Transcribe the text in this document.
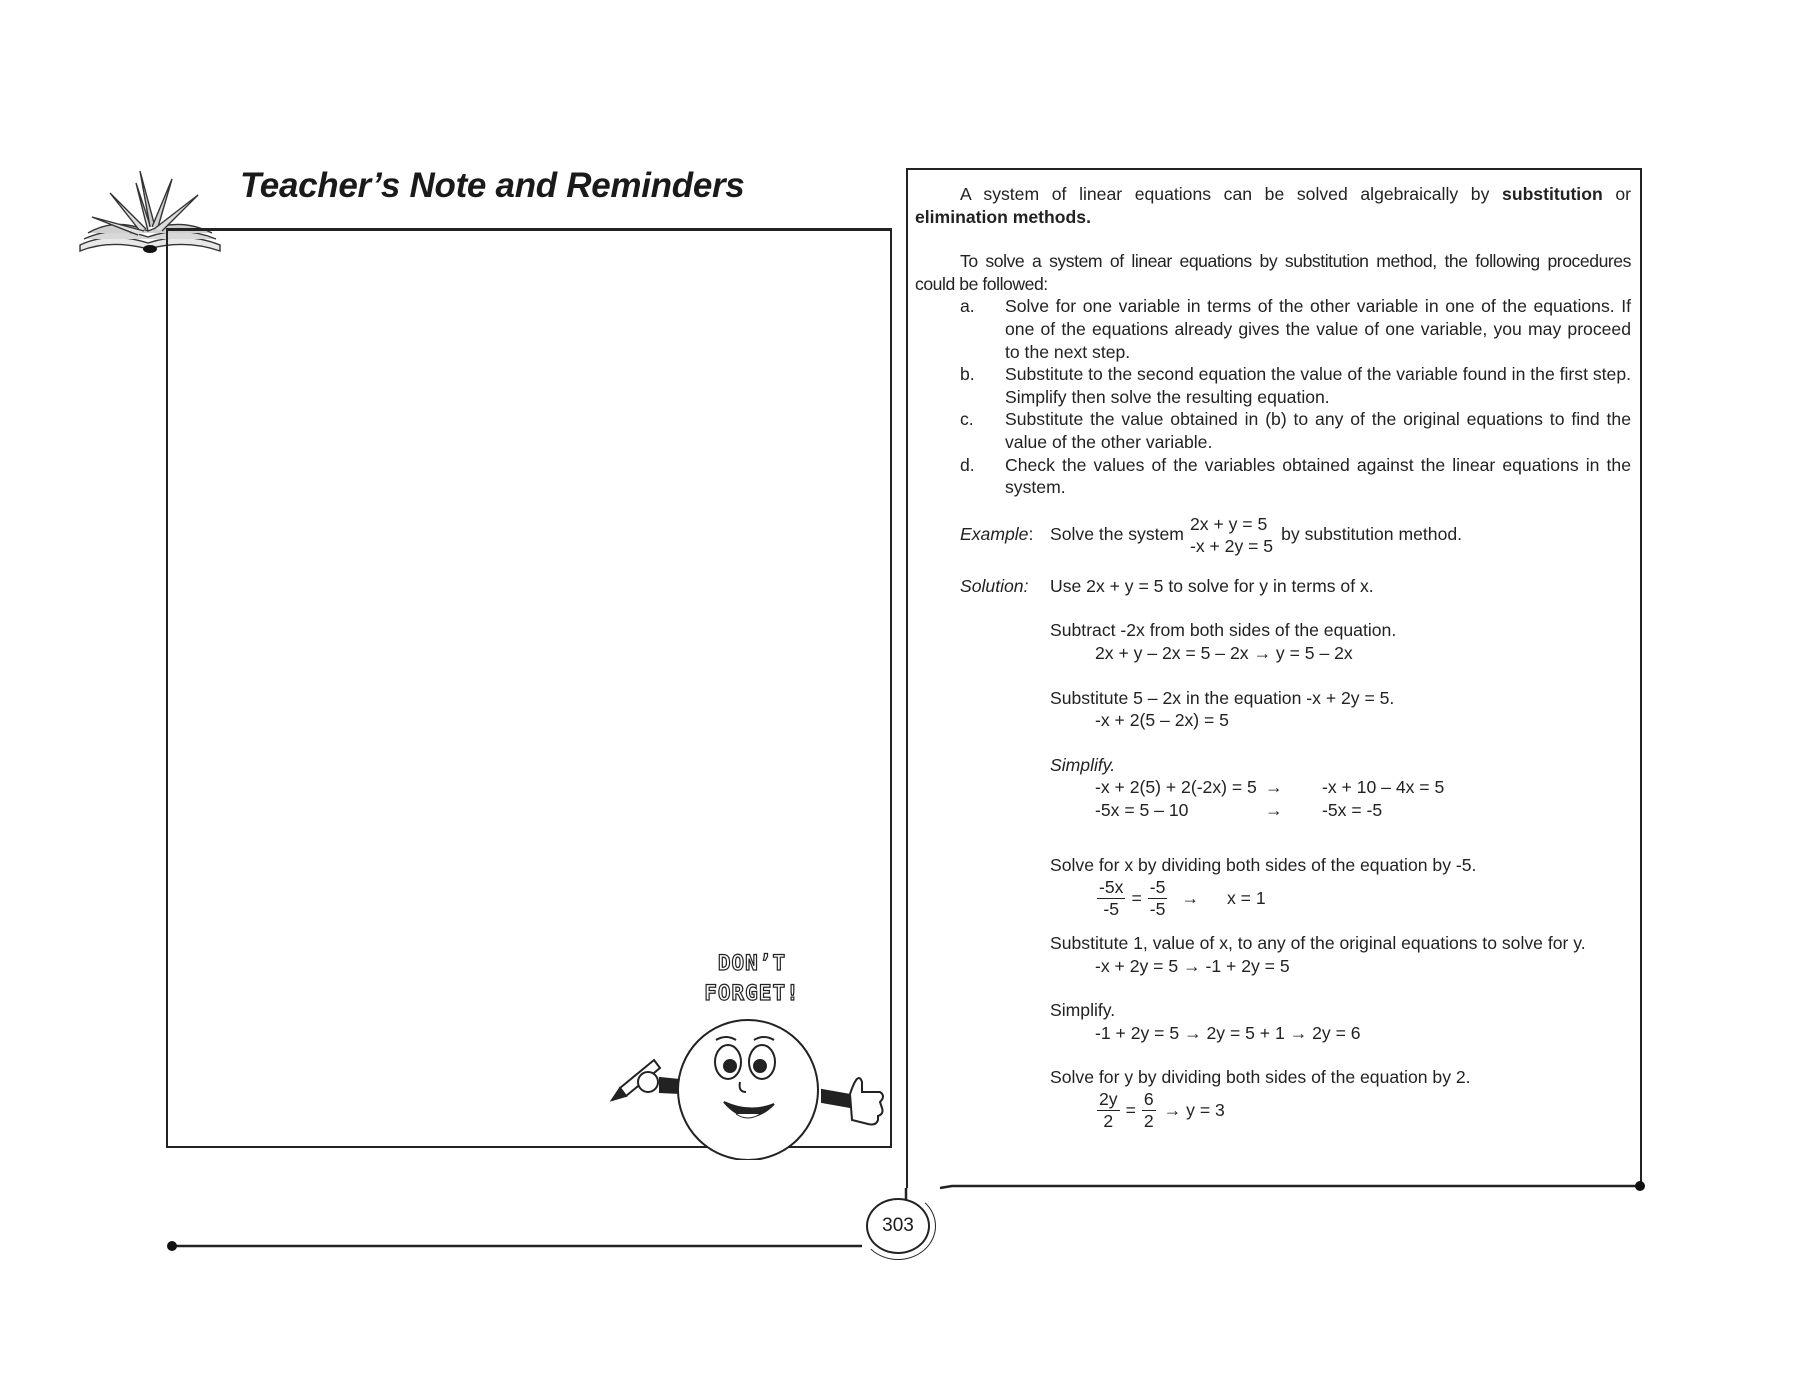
Teacher’s Note and Reminders
DON’T
FORGET!

A system of linear equations can be solved algebraically by substitution or elimination methods.

To solve a system of linear equations by substitution method, the following procedures could be followed:

a.	Solve for one variable in terms of the other variable in one of the equations. If one of the equations already gives the value of one variable, you may proceed to the next step.
b.	Substitute to the second equation the value of the variable found in the first step. Simplify then solve the resulting equation.
c.	Substitute the value obtained in (b) to any of the original equations to find the value of the other variable.
d.	Check the values of the variables obtained against the linear equations in the system.
Example: Solve the system
2x + y = 5
-x + 2y = 5
by substitution method.
Solution:	Use 2x + y = 5 to solve for y in terms of x.

Subtract -2x from both sides of the equation.

2x + y – 2x = 5 – 2x → y = 5 – 2x

Substitute 5 – 2x in the equation -x + 2y = 5.

-x + 2(5 – 2x) = 5

Simplify.

-x + 2(5) + 2(-2x) = 5 →	-x + 10 – 4x = 5
-5x = 5 – 10	→	-5x = -5

Solve for x by dividing both sides of the equation by -5.

$\frac{-5x}{-5} = \frac{-5}{-5} \to x = 1$

Substitute 1, value of x, to any of the original equations to solve for y.

-x + 2y = 5 → -1 + 2y = 5

Simplify.

-1 + 2y = 5 → 2y = 5 + 1 → 2y = 6

Solve for y by dividing both sides of the equation by 2.

$\frac{2y}{2} = \frac{6}{2} \to y = 3$
303
